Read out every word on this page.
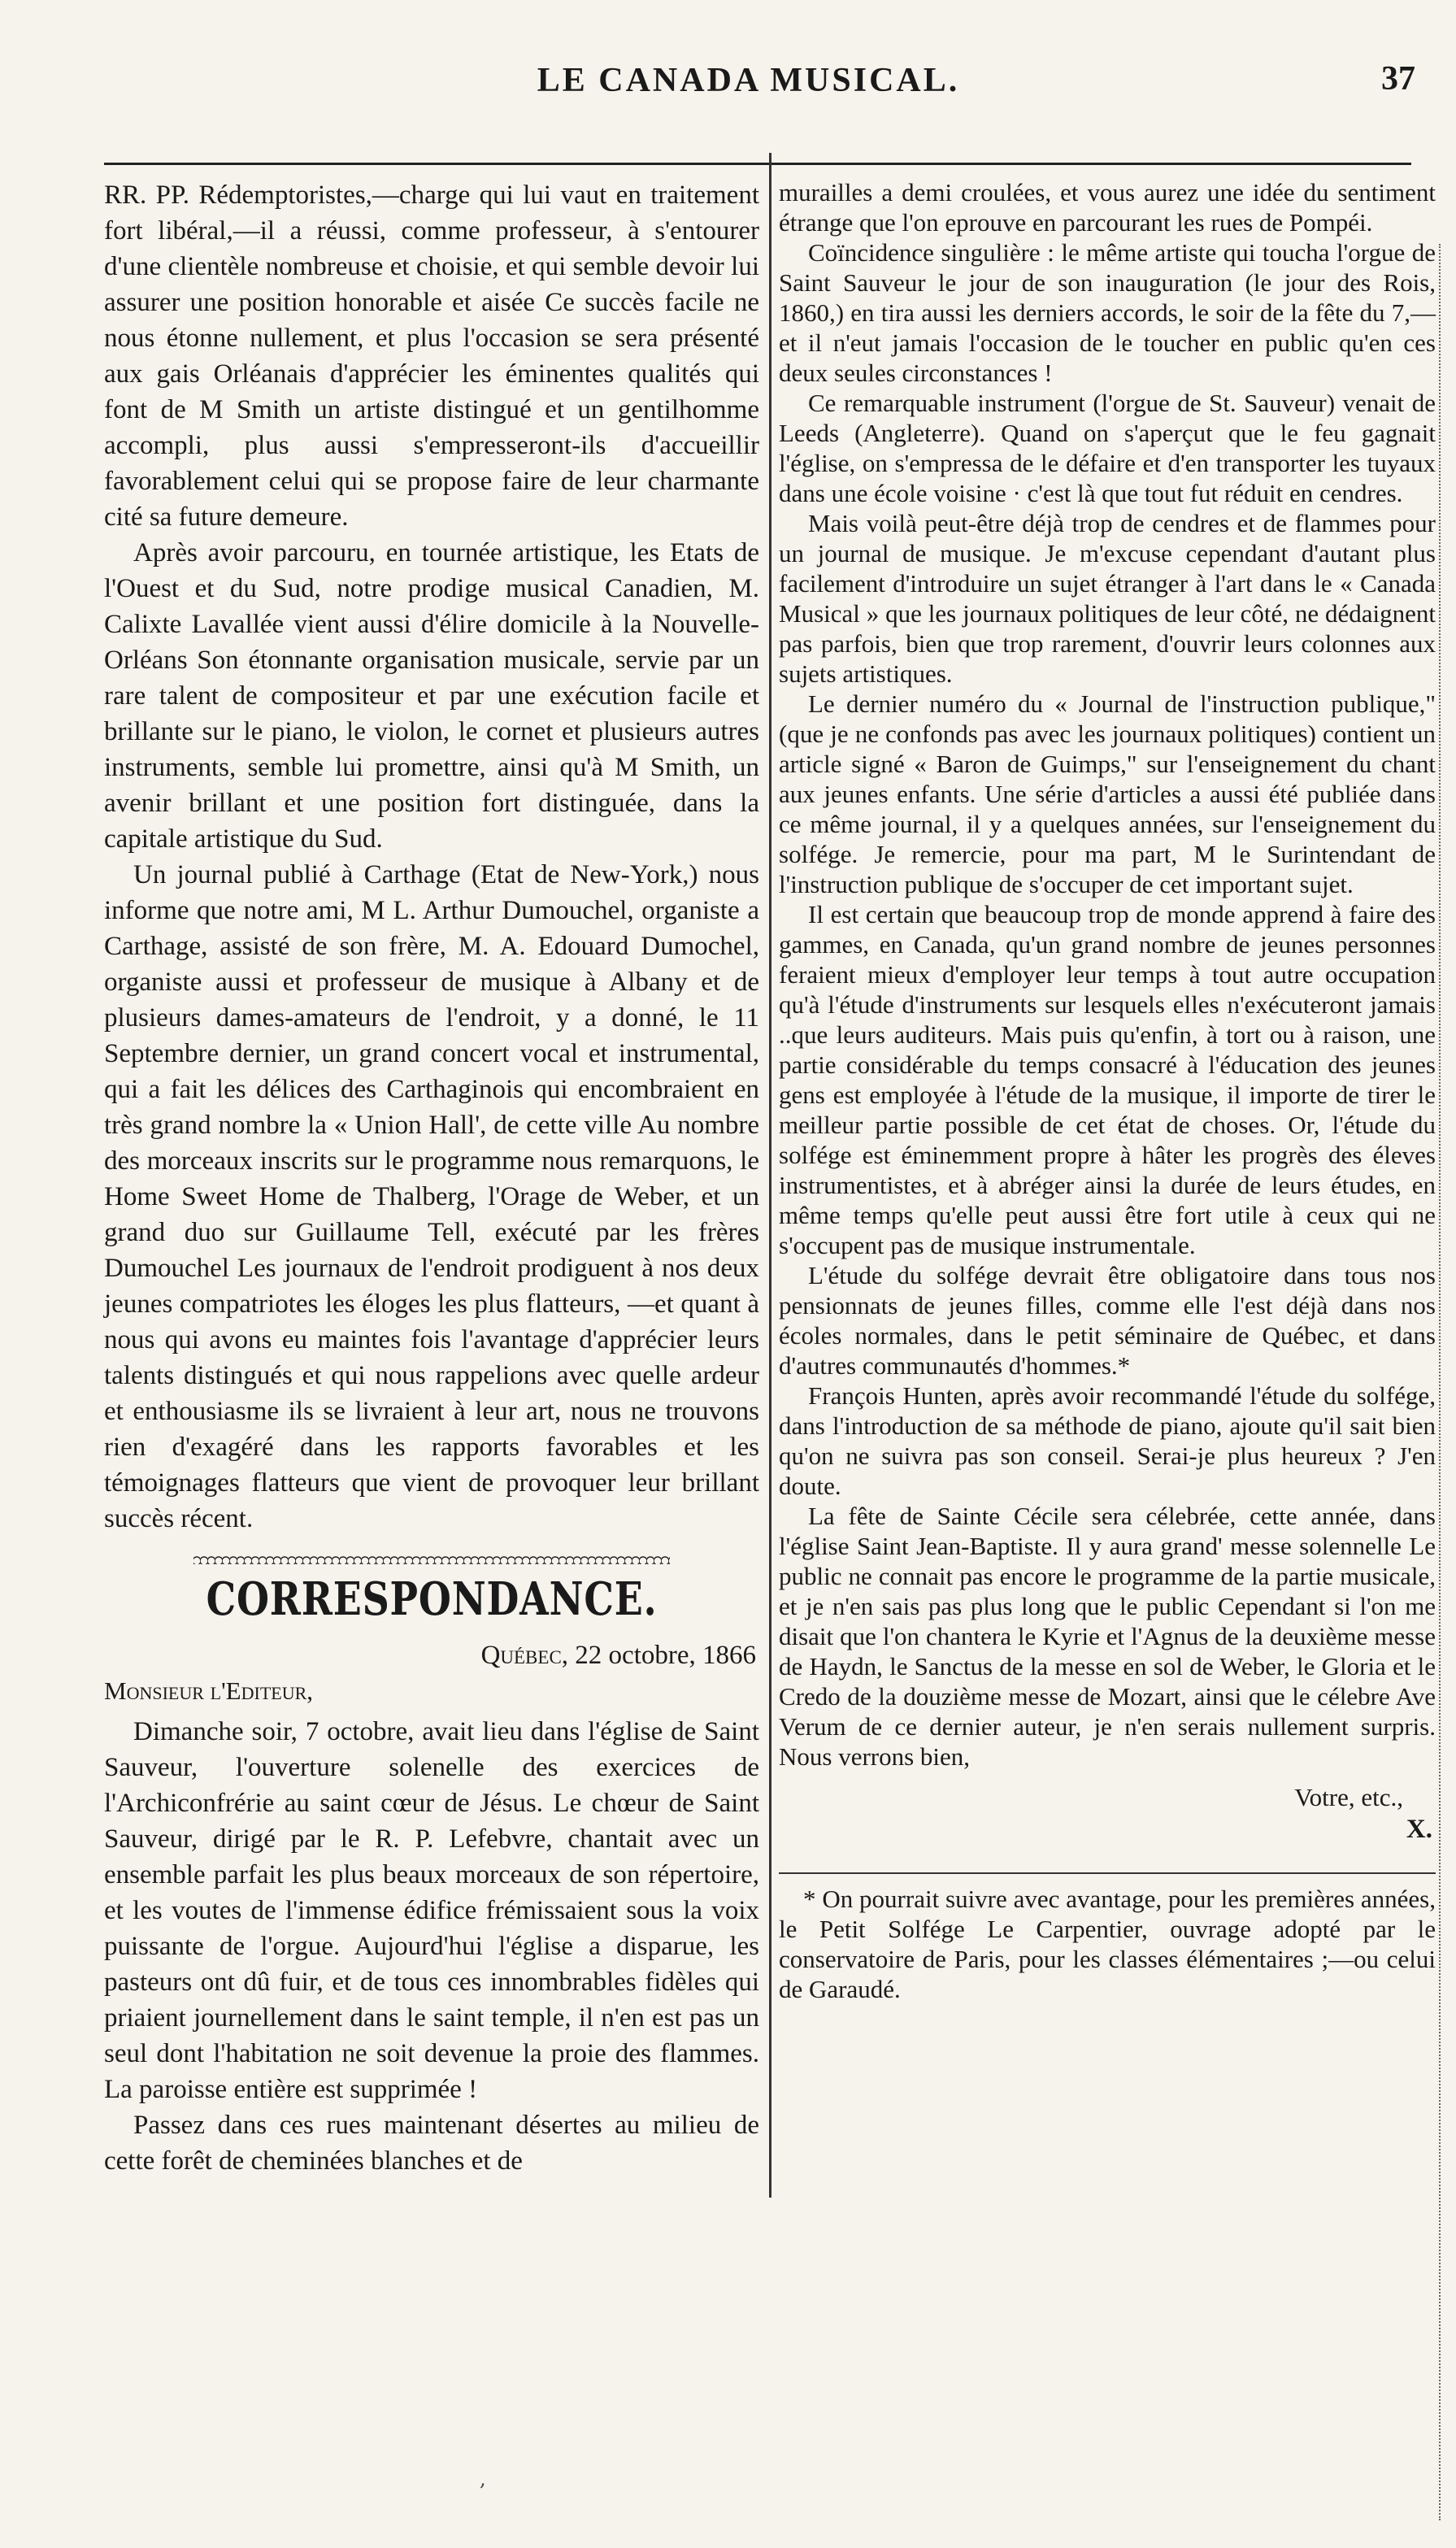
LE CANADA MUSICAL.	37

RR. PP. Rédemptoristes,—charge qui lui vaut en traitement fort libéral,—il a réussi, comme professeur, à s'entourer d'une clientèle nombreuse et choisie, et qui semble devoir lui assurer une position honorable et aisée Ce succès facile ne nous étonne nullement, et plus l'occasion se sera présenté aux gais Orléanais d'apprécier les éminentes qualités qui font de M Smith un artiste distingué et un gentilhomme accompli, plus aussi s'empresseront-ils d'accueillir favorablement celui qui se propose faire de leur charmante cité sa future demeure.

Après avoir parcouru, en tournée artistique, les Etats de l'Ouest et du Sud, notre prodige musical Canadien, M. Calixte Lavallée vient aussi d'élire domicile à la Nouvelle-Orléans Son étonnante organisation musicale, servie par un rare talent de compositeur et par une exécution facile et brillante sur le piano, le violon, le cornet et plusieurs autres instruments, semble lui promettre, ainsi qu'à M Smith, un avenir brillant et une position fort distinguée, dans la capitale artistique du Sud.

Un journal publié à Carthage (Etat de New-York,) nous informe que notre ami, M L. Arthur Dumouchel, organiste a Carthage, assisté de son frère, M. A. Edouard Dumochel, organiste aussi et professeur de musique à Albany et de plusieurs dames-amateurs de l'endroit, y a donné, le 11 Septembre dernier, un grand concert vocal et instrumental, qui a fait les délices des Carthaginois qui encombraient en très grand nombre la « Union Hall', de cette ville Au nombre des morceaux inscrits sur le programme nous remarquons, le Home Sweet Home de Thalberg, l'Orage de Weber, et un grand duo sur Guillaume Tell, exécuté par les frères Dumouchel Les journaux de l'endroit prodiguent à nos deux jeunes compatriotes les éloges les plus flatteurs, —et quant à nous qui avons eu maintes fois l'avantage d'apprécier leurs talents distingués et qui nous rappelions avec quelle ardeur et enthousiasme ils se livraient à leur art, nous ne trouvons rien d'exagéré dans les rapports favorables et les témoignages flatteurs que vient de provoquer leur brillant succès récent.

CORRESPONDANCE.
Québec, 22 octobre, 1866
Monsieur l'Editeur,

Dimanche soir, 7 octobre, avait lieu dans l'église de Saint Sauveur, l'ouverture solenelle des exercices de l'Archiconfrérie au saint cœur de Jésus. Le chœur de Saint Sauveur, dirigé par le R. P. Lefebvre, chantait avec un ensemble parfait les plus beaux morceaux de son répertoire, et les voutes de l'immense édifice frémissaient sous la voix puissante de l'orgue. Aujourd'hui l'église a disparue, les pasteurs ont dû fuir, et de tous ces innombrables fidèles qui priaient journellement dans le saint temple, il n'en est pas un seul dont l'habitation ne soit devenue la proie des flammes. La paroisse entière est supprimée !

Passez dans ces rues maintenant désertes au milieu de cette forêt de cheminées blanches et de

murailles a demi croulées, et vous aurez une idée du sentiment étrange que l'on eprouve en parcourant les rues de Pompéi.

Coïncidence singulière : le même artiste qui toucha l'orgue de Saint Sauveur le jour de son inauguration (le jour des Rois, 1860,) en tira aussi les derniers accords, le soir de la fête du 7,—et il n'eut jamais l'occasion de le toucher en public qu'en ces deux seules circonstances !

Ce remarquable instrument (l'orgue de St. Sauveur) venait de Leeds (Angleterre). Quand on s'aperçut que le feu gagnait l'église, on s'empressa de le défaire et d'en transporter les tuyaux dans une école voisine · c'est là que tout fut réduit en cendres.

Mais voilà peut-être déjà trop de cendres et de flammes pour un journal de musique. Je m'excuse cependant d'autant plus facilement d'introduire un sujet étranger à l'art dans le « Canada Musical » que les journaux politiques de leur côté, ne dédaignent pas parfois, bien que trop rarement, d'ouvrir leurs colonnes aux sujets artistiques.

Le dernier numéro du « Journal de l'instruction publique," (que je ne confonds pas avec les journaux politiques) contient un article signé « Baron de Guimps," sur l'enseignement du chant aux jeunes enfants. Une série d'articles a aussi été publiée dans ce même journal, il y a quelques années, sur l'enseignement du solfége. Je remercie, pour ma part, M le Surintendant de l'instruction publique de s'occuper de cet important sujet.

Il est certain que beaucoup trop de monde apprend à faire des gammes, en Canada, qu'un grand nombre de jeunes personnes feraient mieux d'employer leur temps à tout autre occupation qu'à l'étude d'instruments sur lesquels elles n'exécuteront jamais ..que leurs auditeurs. Mais puis qu'enfin, à tort ou à raison, une partie considérable du temps consacré à l'éducation des jeunes gens est employée à l'étude de la musique, il importe de tirer le meilleur partie possible de cet état de choses. Or, l'étude du solfége est éminemment propre à hâter les progrès des éleves instrumentistes, et à abréger ainsi la durée de leurs études, en même temps qu'elle peut aussi être fort utile à ceux qui ne s'occupent pas de musique instrumentale.

L'étude du solfége devrait être obligatoire dans tous nos pensionnats de jeunes filles, comme elle l'est déjà dans nos écoles normales, dans le petit séminaire de Québec, et dans d'autres communautés d'hommes.*

François Hunten, après avoir recommandé l'étude du solfége, dans l'introduction de sa méthode de piano, ajoute qu'il sait bien qu'on ne suivra pas son conseil. Serai-je plus heureux ? J'en doute.

La fête de Sainte Cécile sera célebrée, cette année, dans l'église Saint Jean-Baptiste. Il y aura grand' messe solennelle Le public ne connait pas encore le programme de la partie musicale, et je n'en sais pas plus long que le public Cependant si l'on me disait que l'on chantera le Kyrie et l'Agnus de la deuxième messe de Haydn, le Sanctus de la messe en sol de Weber, le Gloria et le Credo de la douzième messe de Mozart, ainsi que le célebre Ave Verum de ce dernier auteur, je n'en serais nullement surpris. Nous verrons bien,

Votre, etc.,
X.
* On pourrait suivre avec avantage, pour les premières années, le Petit Solfége Le Carpentier, ouvrage adopté par le conservatoire de Paris, pour les classes élémentaires ;—ou celui de Garaudé.
,
